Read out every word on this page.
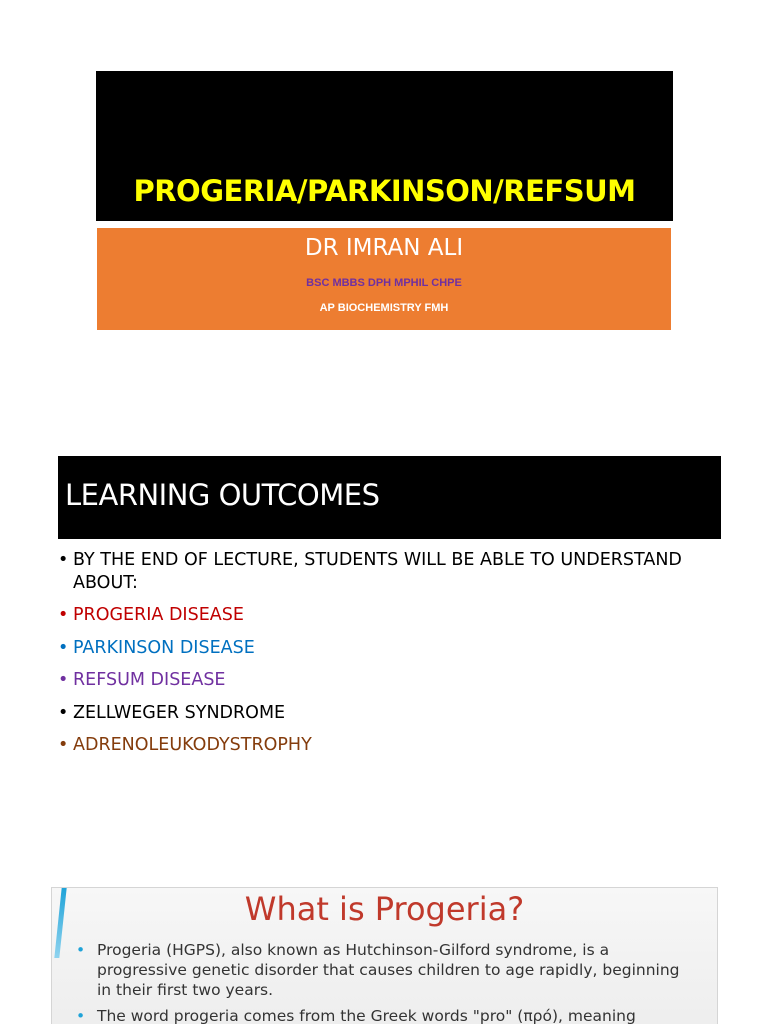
PROGERIA/PARKINSON/REFSUM
DR IMRAN ALI
BSC MBBS DPH MPHIL CHPE
AP BIOCHEMISTRY FMH
LEARNING OUTCOMES
• BY THE END OF LECTURE, STUDENTS WILL BE ABLE TO UNDERSTAND ABOUT:
• PROGERIA DISEASE
• PARKINSON DISEASE
• REFSUM DISEASE
• ZELLWEGER SYNDROME
• ADRENOLEUKODYSTROPHY
What is Progeria?
• Progeria (HGPS), also known as Hutchinson-Gilford syndrome, is a progressive genetic disorder that causes children to age rapidly, beginning in their first two years.
• The word progeria comes from the Greek words "pro" (πρό), meaning
